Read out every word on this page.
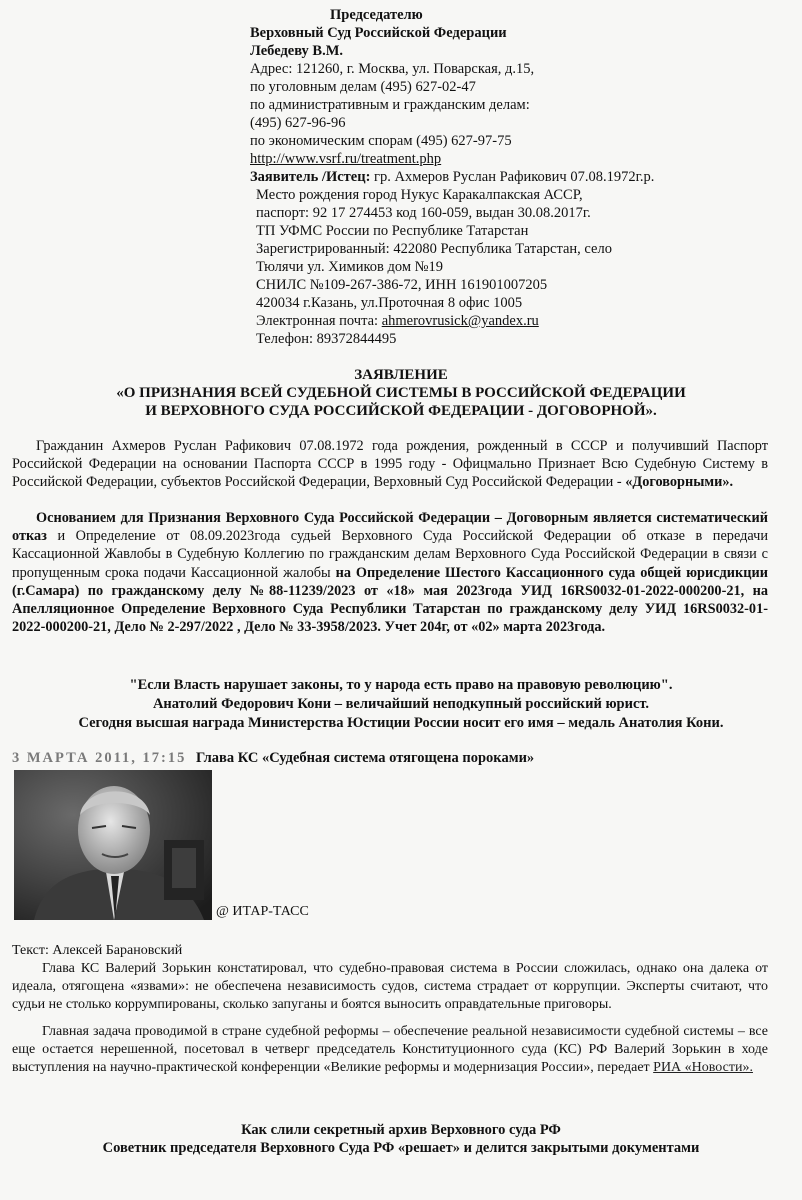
Председателю
Верховный Суд Российской Федерации
Лебедеву В.М.
Адрес: 121260, г. Москва, ул. Поварская, д.15,
по уголовным делам (495) 627-02-47
по административным и гражданским делам:
(495) 627-96-96
по экономическим спорам (495) 627-97-75
http://www.vsrf.ru/treatment.php
Заявитель /Истец: гр. Ахмеров Руслан Рафикович 07.08.1972г.р.
Место рождения город Нукус Каракалпакская АССР,
паспорт: 92 17 274453 код 160-059, выдан 30.08.2017г.
ТП УФМС России по Республике Татарстан
Зарегистрированный: 422080 Республика Татарстан, село
Тюлячи ул. Химиков дом №19
СНИЛС №109-267-386-72, ИНН 161901007205
420034 г.Казань, ул.Проточная 8 офис 1005
Электронная почта: ahmerovrusick@yandex.ru
Телефон: 89372844495
ЗАЯВЛЕНИЕ
«О ПРИЗНАНИЯ ВСЕЙ СУДЕБНОЙ СИСТЕМЫ В РОССИЙСКОЙ ФЕДЕРАЦИИ
И ВЕРХОВНОГО СУДА РОССИЙСКОЙ ФЕДЕРАЦИИ - ДОГОВОРНОЙ».
Гражданин Ахмеров Руслан Рафикович 07.08.1972 года рождения, рожденный в СССР и получивший Паспорт Российской Федерации на основании Паспорта СССР в 1995 году - Офицмально Признает Всю Судебную Систему в Российской Федерации, субъектов Российской Федерации, Верховный Суд Российской Федерации - «Договорными».
Основанием для Признания Верховного Суда Российской Федерации – Договорным является систематический отказ и Определение от 08.09.2023года судьей Верховного Суда Российской Федерации об отказе в передачи Кассационной Жавлобы в Судебную Коллегию по гражданским делам Верховного Суда Российской Федерации в связи с пропущенным срока подачи Кассационной жалобы на Определение Шестого Кассационного суда общей юрисдикции (г.Самара) по гражданскому делу №88-11239/2023 от «18» мая 2023года УИД 16RS0032-01-2022-000200-21, на Апелляционное Определение Верховного Суда Республики Татарстан по гражданскому делу УИД 16RS0032-01-2022-000200-21, Дело № 2-297/2022 , Дело № 33-3958/2023. Учет 204г, от «02» марта 2023года.
"Если Власть нарушает законы, то у народа есть право на правовую революцию".
Анатолий Федорович Кони – величайший неподкупный российский юрист.
Сегодня высшая награда Министерства Юстиции России носит его имя – медаль Анатолия Кони.
3 МАРТА 2011, 17:15 Глава КС «Судебная система отягощена пороками»
@ ИТАР-ТАСС
Текст: Алексей Барановский
Глава КС Валерий Зорькин констатировал, что судебно-правовая система в России сложилась, однако она далека от идеала, отягощена «язвами»: не обеспечена независимость судов, система страдает от коррупции. Эксперты считают, что судьи не столько коррумпированы, сколько запуганы и боятся выносить оправдательные приговоры.
Главная задача проводимой в стране судебной реформы – обеспечение реальной независимости судебной системы – все еще остается нерешенной, посетовал в четверг председатель Конституционного суда (КС) РФ Валерий Зорькин в ходе выступления на научно-практической конференции «Великие реформы и модернизация России», передает РИА «Новости».
Как слили секретный архив Верховного суда РФ
Советник председателя Верховного Суда РФ «решает» и делится закрытыми документами
